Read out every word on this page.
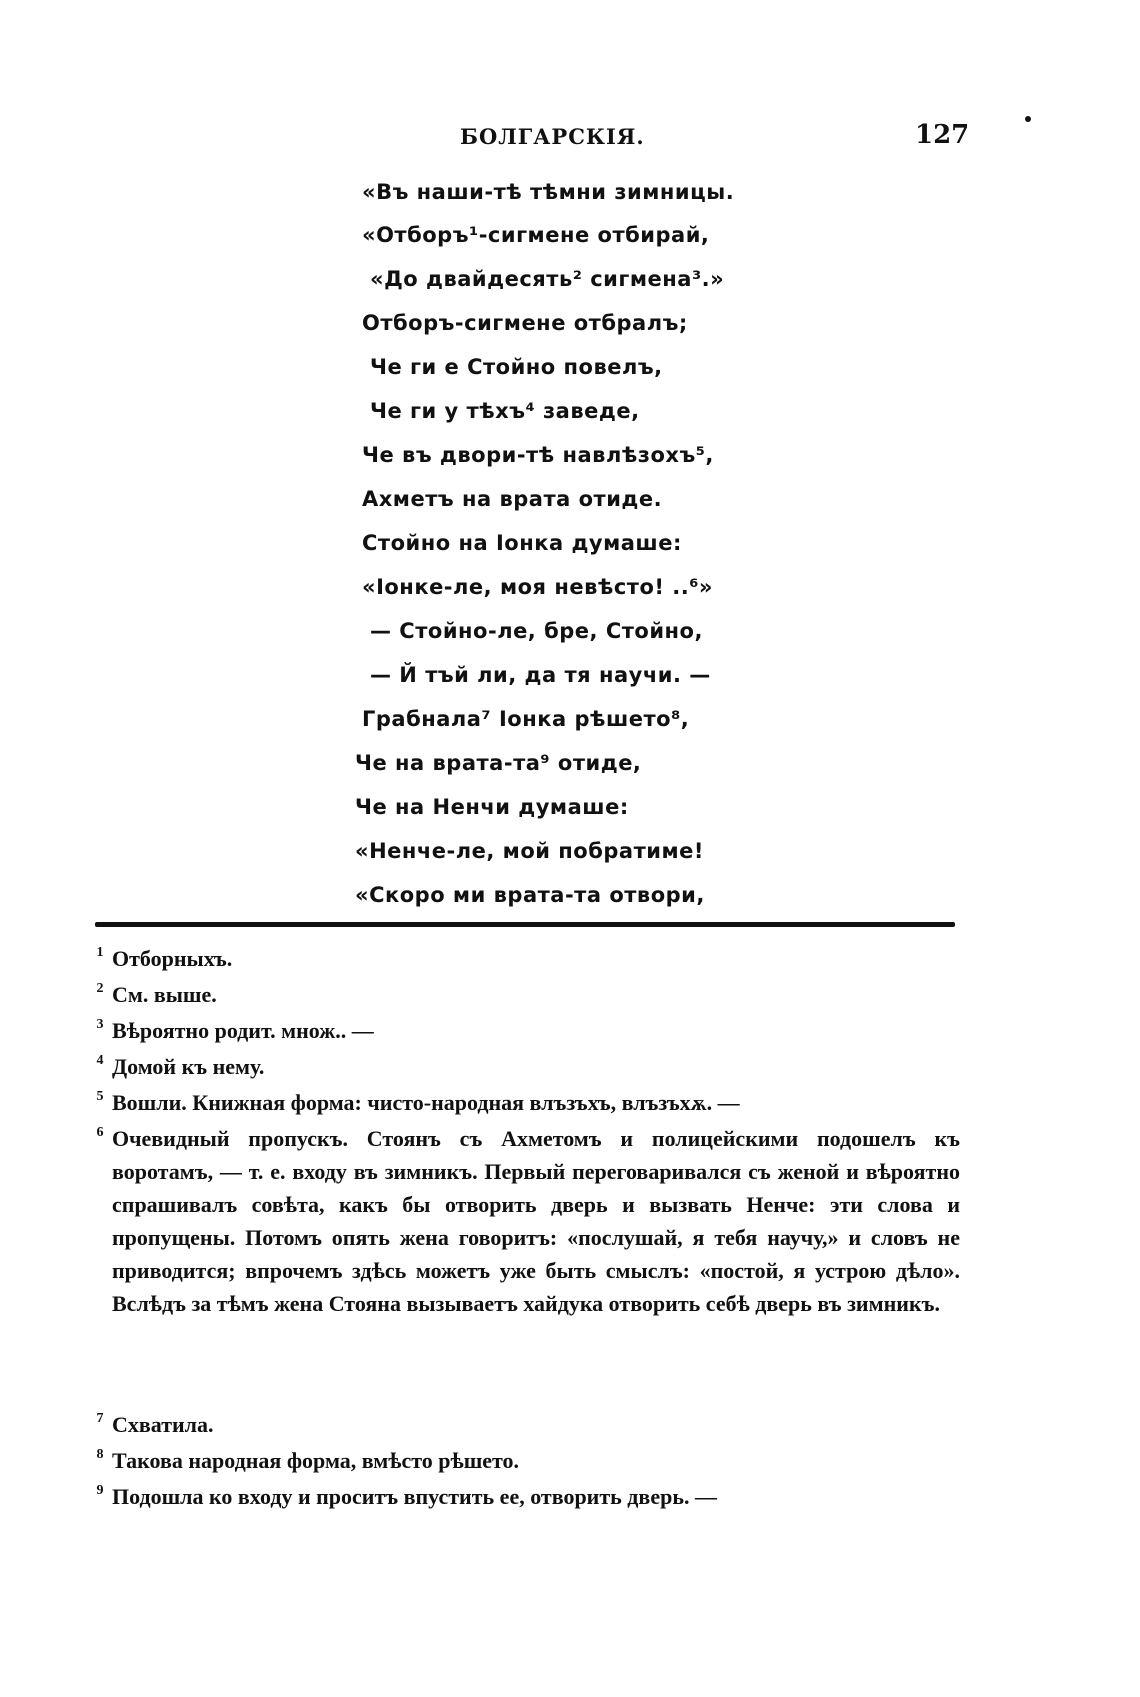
БОЛГАРСКІЯ.	127
«Въ наши-тѣ тѣмни зимницы.
«Отборъ¹-сигмене отбирай,
«До двайдесять² сигмена³.»
Отборъ-сигмене отбралъ;
Че ги е Стойно повелъ,
Че ги у тѣхъ⁴ заведе,
Че въ двори-тѣ навлѣзохъ⁵,
Ахметъ на врата отиде.
Стойно на Іонка думаше:
«Іонке-ле, моя невѣсто! ..⁶»
— Стойно-ле, бре, Стойно,
— Й тъй ли, да тя научи. —
Грабнала⁷ Іонка рѣшето⁸,
Че на врата-та⁹ отиде,
Че на Ненчи думаше:
«Ненче-ле, мой побратиме!
«Скоро ми врата-та отвори,
1 Отборныхъ.
2 См. выше.
3 Вѣроятно родит. множ.. —
4 Домой къ нему.
5 Вошли. Книжная форма: чисто-народная влъзъхъ, влъзъхѫ. —
6 Очевидный пропускъ. Стоянъ съ Ахметомъ и полицейскими подошелъ къ воротамъ, — т. е. входу въ зимникъ. Первый переговаривался съ женой и вѣроятно спрашивалъ совѣта, какъ бы отворить дверь и вызвать Ненче: эти слова и пропущены. Потомъ опять жена говоритъ: «послушай, я тебя научу,» и словъ не приводится; впрочемъ здѣсь можетъ уже быть смыслъ: «постой, я устрою дѣло». Вслѣдъ за тѣмъ жена Стояна вызываетъ хайдука отворить себѣ дверь въ зимникъ.
7 Схватила.
8 Такова народная форма, вмѣсто рѣшето.
9 Подошла ко входу и проситъ впустить ее, отворить дверь. —
